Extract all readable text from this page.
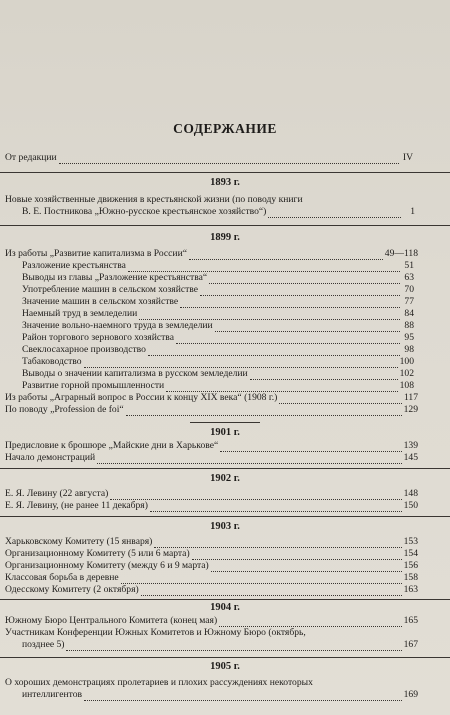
СОДЕРЖАНИЕ
От редакции	IV
1893 г.
Новые хозяйственные движения в крестьянской жизни (по поводу книги
В. Е. Постникова „Южно-русское крестьянское хозяйство“)	1
1899 г.
Из работы „Развитие капитализма в России“	49—118
Разложение крестьянства	51
Выводы из главы „Разложение крестьянства“	63
Употребление машин в сельском хозяйстве	70
Значение машин в сельском хозяйстве	77
Наемный труд в земледелии	84
Значение вольно-наемного труда в земледелии	88
Район торгового зернового хозяйства	95
Свеклосахарное производство	98
Табаководство	100
Выводы о значении капитализма в русском земледелии	102
Развитие горной промышленности	108
Из работы „Аграрный вопрос в России к концу XIX века“ (1908 г.)	117
По поводу „Profession de foi“	129
1901 г.
Предисловие к брошюре „Майские дни в Харькове“	139
Начало демонстраций	145
1902 г.
Е. Я. Левину (22 августа)	148
Е. Я. Левину, (не ранее 11 декабря)	150
1903 г.
Харьковскому Комитету (15 января)	153
Организационному Комитету (5 или 6 марта)	154
Организационному Комитету (между 6 и 9 марта)	156
Классовая борьба в деревне	158
Одесскому Комитету (2 октября)	163
1904 г.
Южному Бюро Центрального Комитета (конец мая)	165
Участникам Конференции Южных Комитетов и Южному Бюро (октябрь,
позднее 5)	167
1905 г.
О хороших демонстрациях пролетариев и плохих рассуждениях некоторых
интеллигентов	169
